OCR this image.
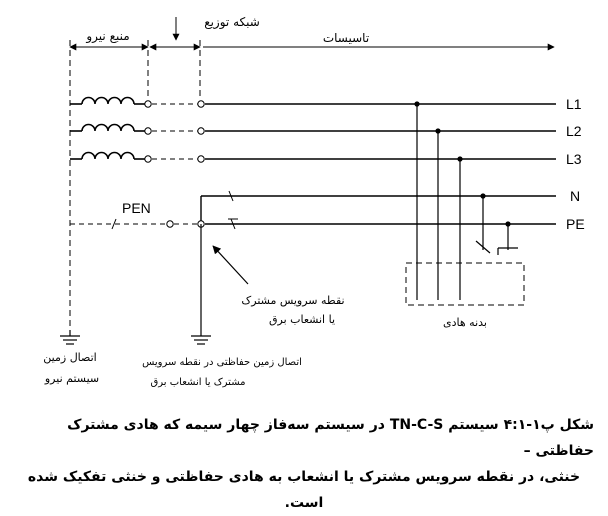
شبکه توزیع
منبع نیرو	تاسیسات
L1
L2
L3
N
PE
PEN
بدنه هادی
نقطه سرویس مشترک
یا انشعاب برق
اتصال زمین
سیستم نیرو
اتصال زمین حفاظتی در نقطه سرویس
مشترک یا انشعاب برق
شکل پ۱-۴:۱ سیستم TN-C-S در سیستم سه‌فاز چهار سیمه که هادی مشترک حفاظتی –
خنثی، در نقطه سرویس مشترک یا انشعاب به هادی حفاظتی و خنثی تفکیک شده است.
